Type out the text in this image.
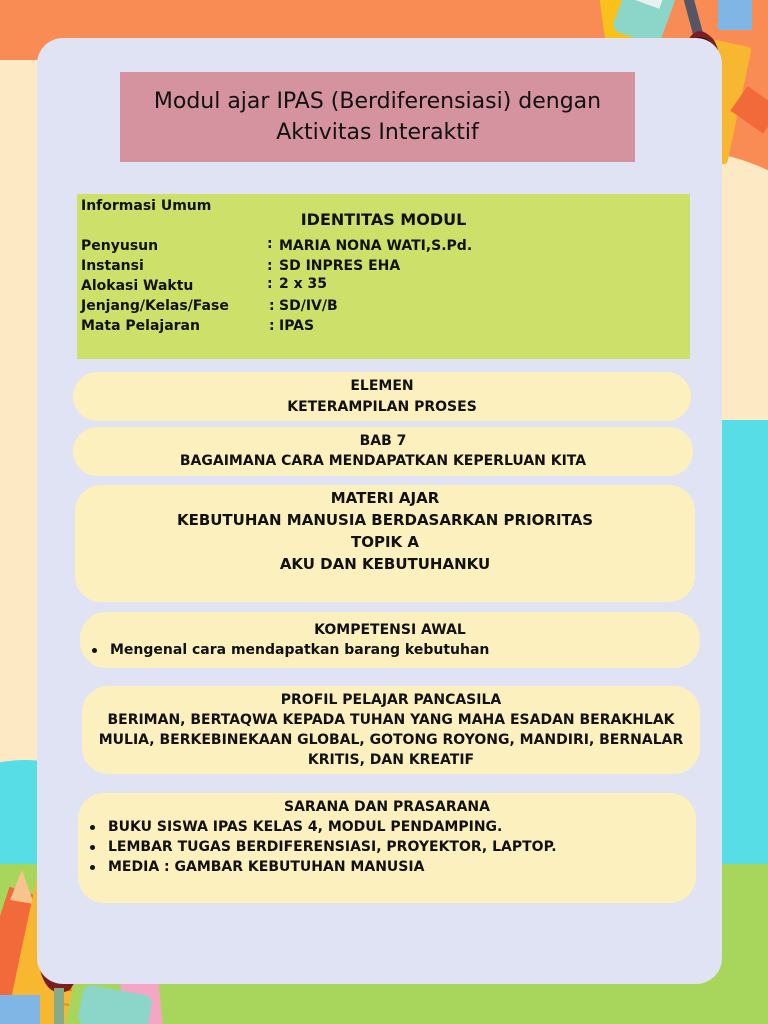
Modul ajar IPAS (Berdiferensiasi) dengan
Aktivitas Interaktif
Informasi Umum
IDENTITAS MODUL
Penyusun	: MARIA NONA WATI,S.Pd.
Instansi	: SD INPRES EHA
Alokasi Waktu	: 2 x 35
Jenjang/Kelas/Fase	: SD/IV/B
Mata Pelajaran	: IPAS
ELEMEN
KETERAMPILAN PROSES
BAB 7
BAGAIMANA CARA MENDAPATKAN KEPERLUAN KITA
MATERI AJAR
KEBUTUHAN MANUSIA BERDASARKAN PRIORITAS
TOPIK A
AKU DAN KEBUTUHANKU
KOMPETENSI AWAL
Mengenal cara mendapatkan barang kebutuhan
PROFIL PELAJAR PANCASILA
BERIMAN, BERTAQWA KEPADA TUHAN YANG MAHA ESADAN BERAKHLAK
MULIA, BERKEBINEKAAN GLOBAL, GOTONG ROYONG, MANDIRI, BERNALAR
KRITIS, DAN KREATIF
SARANA DAN PRASARANA
BUKU SISWA IPAS KELAS 4, MODUL PENDAMPING.
LEMBAR TUGAS BERDIFERENSIASI, PROYEKTOR, LAPTOP.
MEDIA : GAMBAR KEBUTUHAN MANUSIA
